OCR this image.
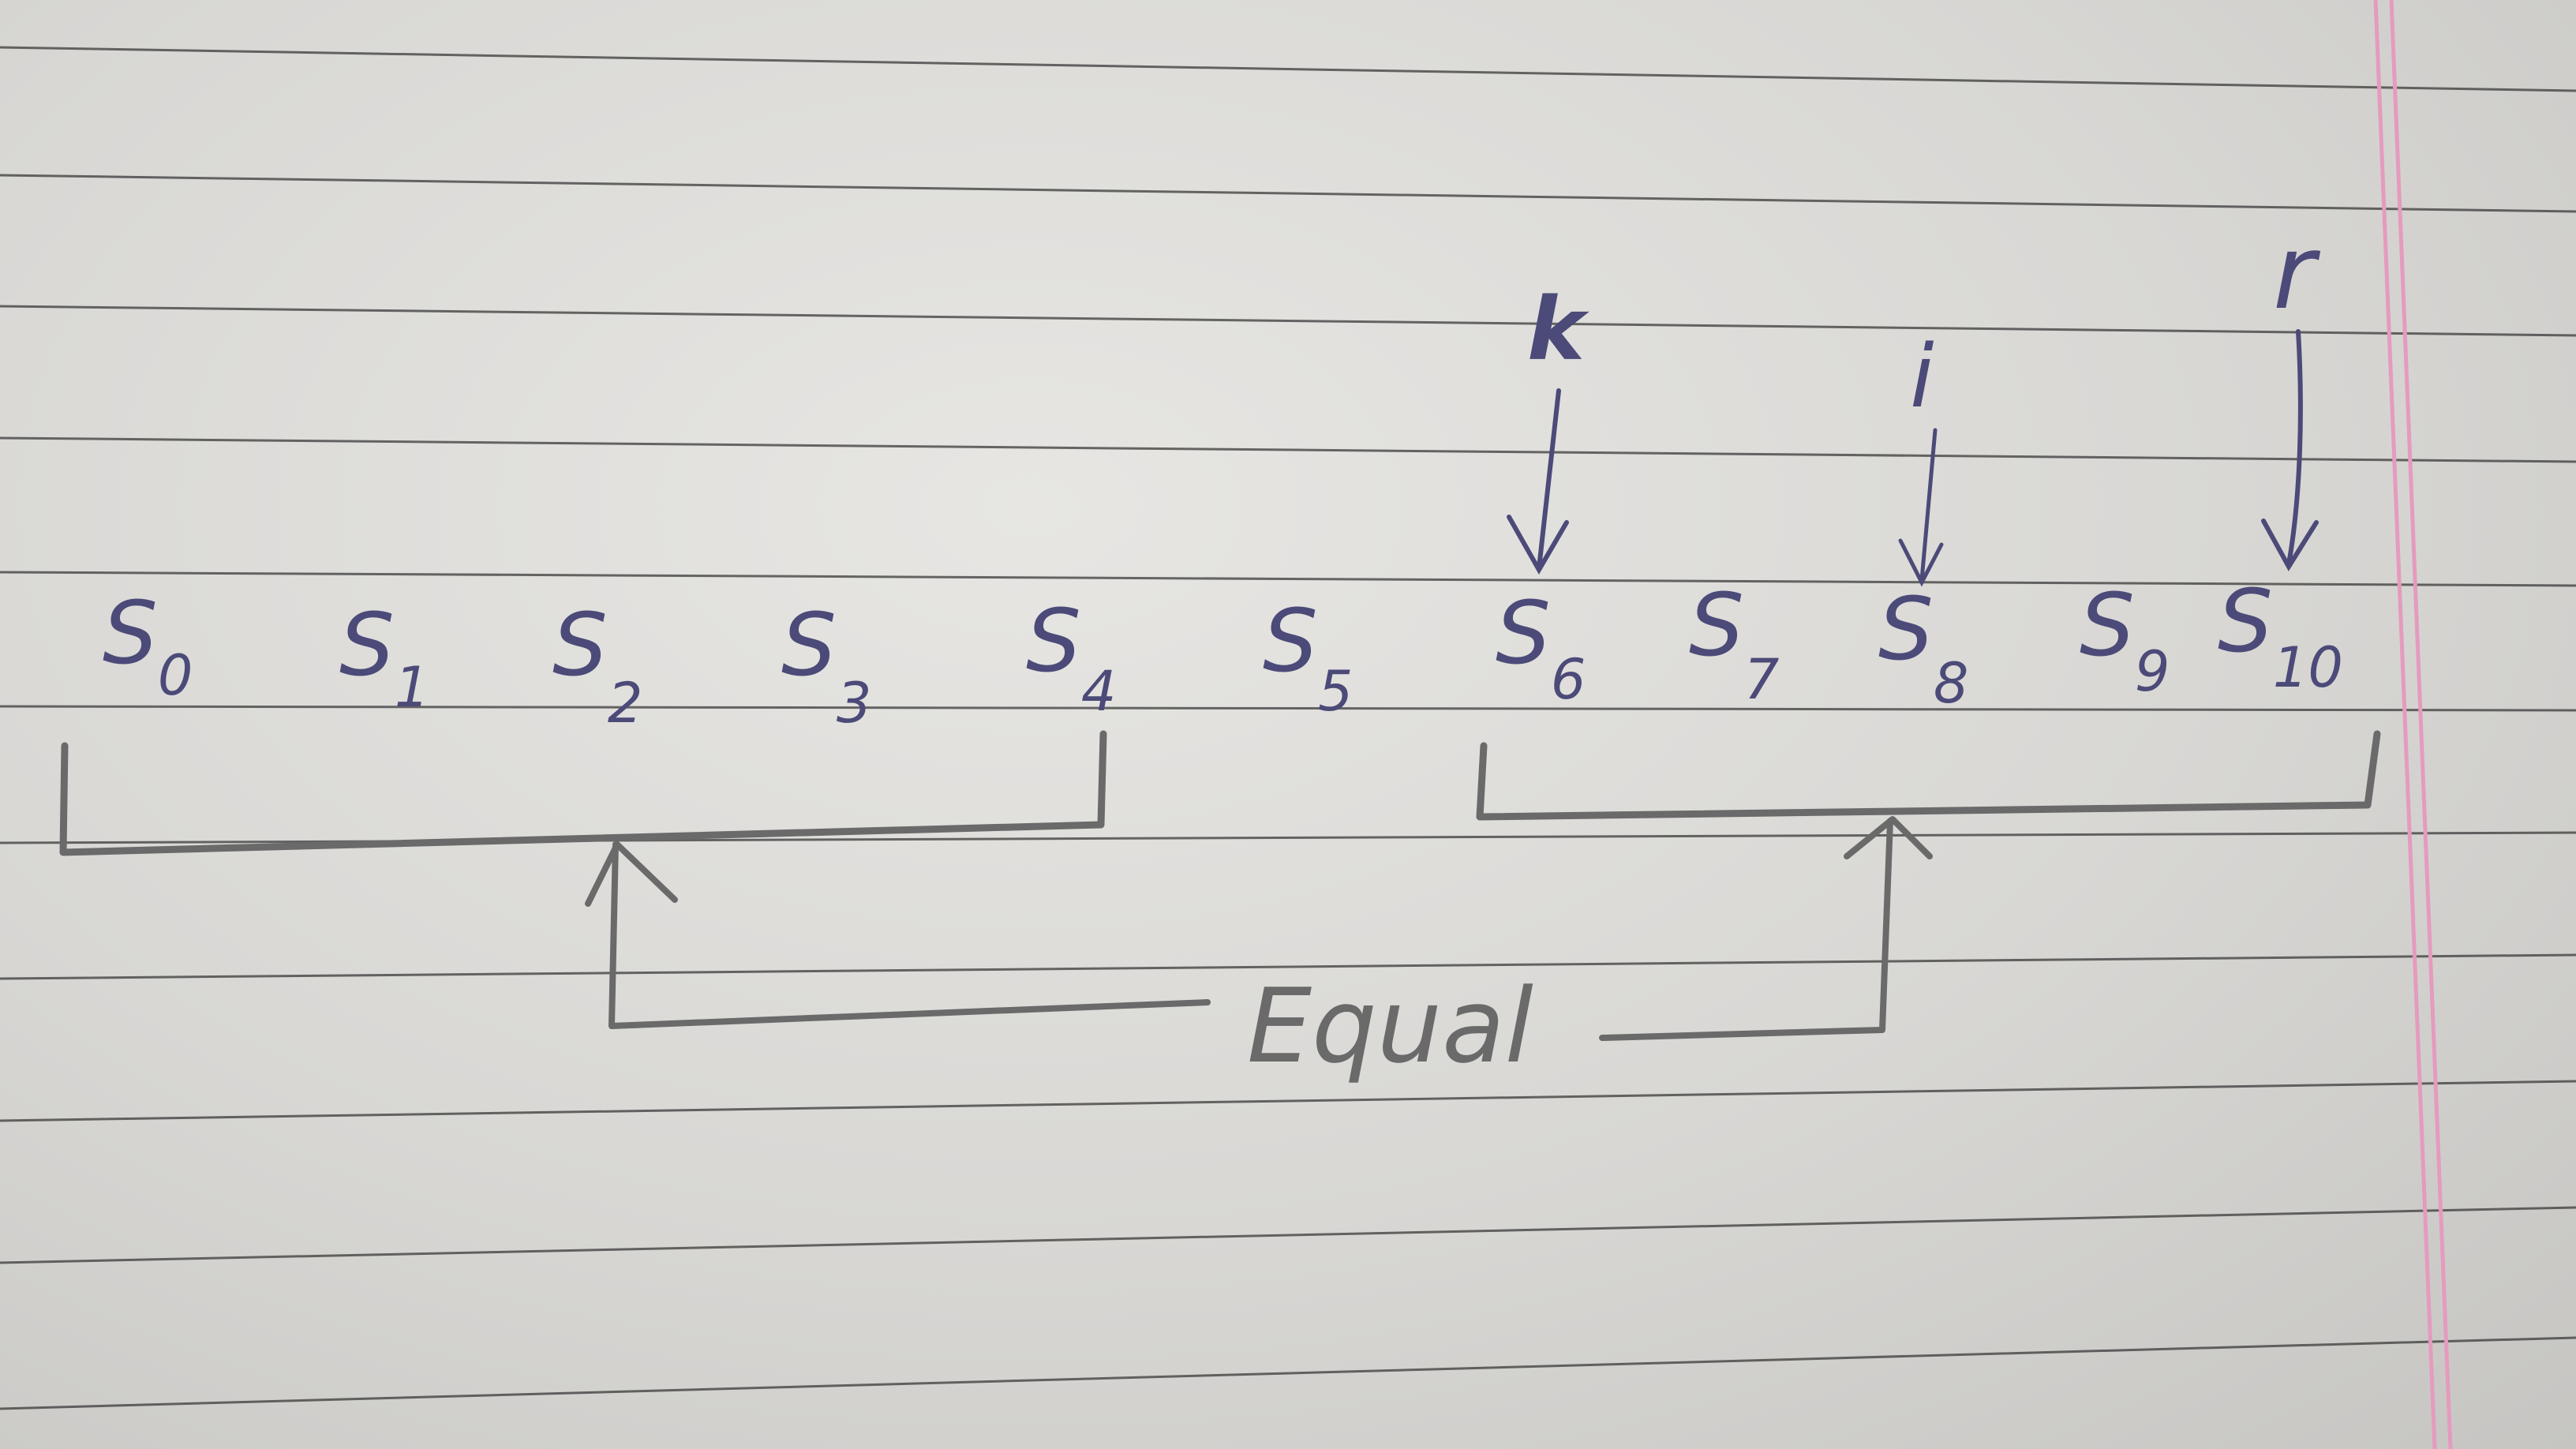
$S_0$ $S_1$ $S_2$
$S_3$
$S_4$ $S_5$
$S_6$
$S_7$ $S_8$
$S_9$ $S_{10}$
k	i
r
Equal
